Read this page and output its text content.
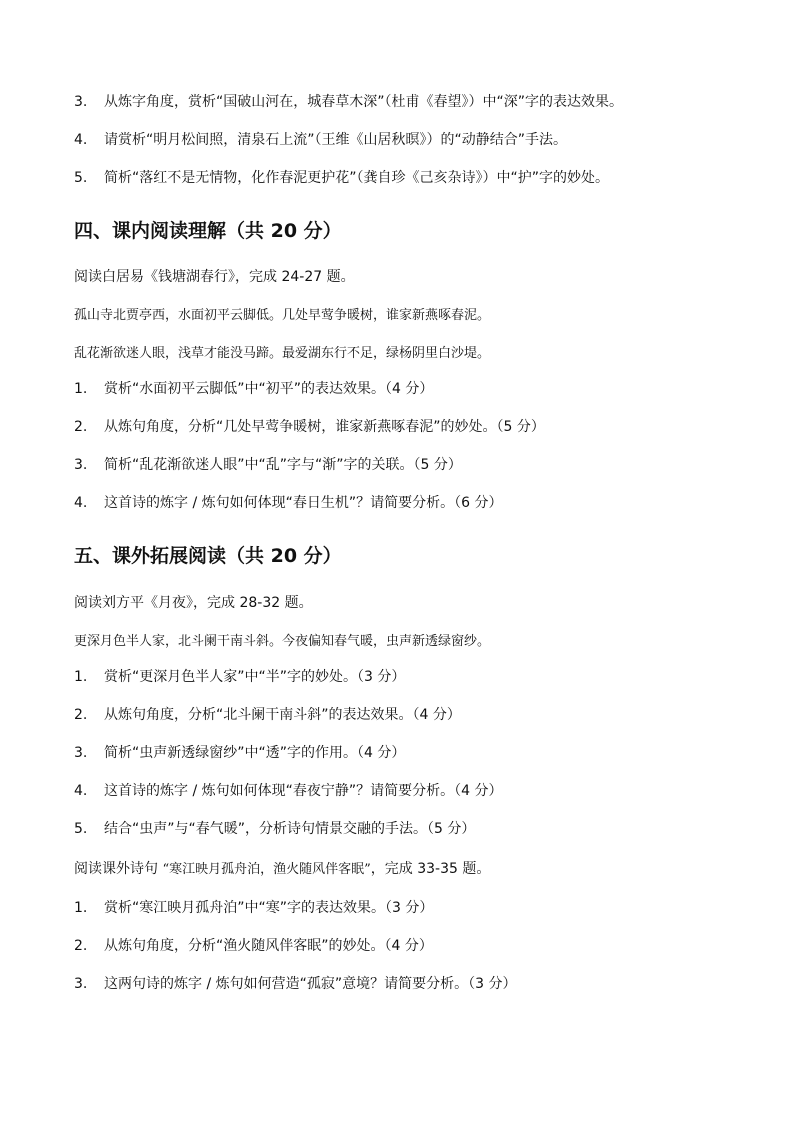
3. 从炼字角度，赏析“国破山河在，城春草木深”（杜甫《春望》）中“深”字的表达效果。
4. 请赏析“明月松间照，清泉石上流”（王维《山居秋暝》）的“动静结合”手法。
5. 简析“落红不是无情物，化作春泥更护花”（龚自珍《己亥杂诗》）中“护”字的妙处。
四、课内阅读理解（共 20 分）
阅读白居易《钱塘湖春行》，完成 24-27 题。
孤山寺北贾亭西，水面初平云脚低。几处早莺争暖树，谁家新燕啄春泥。
乱花渐欲迷人眼，浅草才能没马蹄。最爱湖东行不足，绿杨阴里白沙堤。
1. 赏析“水面初平云脚低”中“初平”的表达效果。（4 分）
2. 从炼句角度，分析“几处早莺争暖树，谁家新燕啄春泥”的妙处。（5 分）
3. 简析“乱花渐欲迷人眼”中“乱”字与“渐”字的关联。（5 分）
4. 这首诗的炼字 / 炼句如何体现“春日生机”？请简要分析。（6 分）
五、课外拓展阅读（共 20 分）
阅读刘方平《月夜》，完成 28-32 题。
更深月色半人家，北斗阑干南斗斜。今夜偏知春气暖，虫声新透绿窗纱。
1. 赏析“更深月色半人家”中“半”字的妙处。（3 分）
2. 从炼句角度，分析“北斗阑干南斗斜”的表达效果。（4 分）
3. 简析“虫声新透绿窗纱”中“透”字的作用。（4 分）
4. 这首诗的炼字 / 炼句如何体现“春夜宁静”？请简要分析。（4 分）
5. 结合“虫声”与“春气暖”，分析诗句情景交融的手法。（5 分）
阅读课外诗句 “寒江映月孤舟泊，渔火随风伴客眠”，完成 33-35 题。
1. 赏析“寒江映月孤舟泊”中“寒”字的表达效果。（3 分）
2. 从炼句角度，分析“渔火随风伴客眠”的妙处。（4 分）
3. 这两句诗的炼字 / 炼句如何营造“孤寂”意境？请简要分析。（3 分）
